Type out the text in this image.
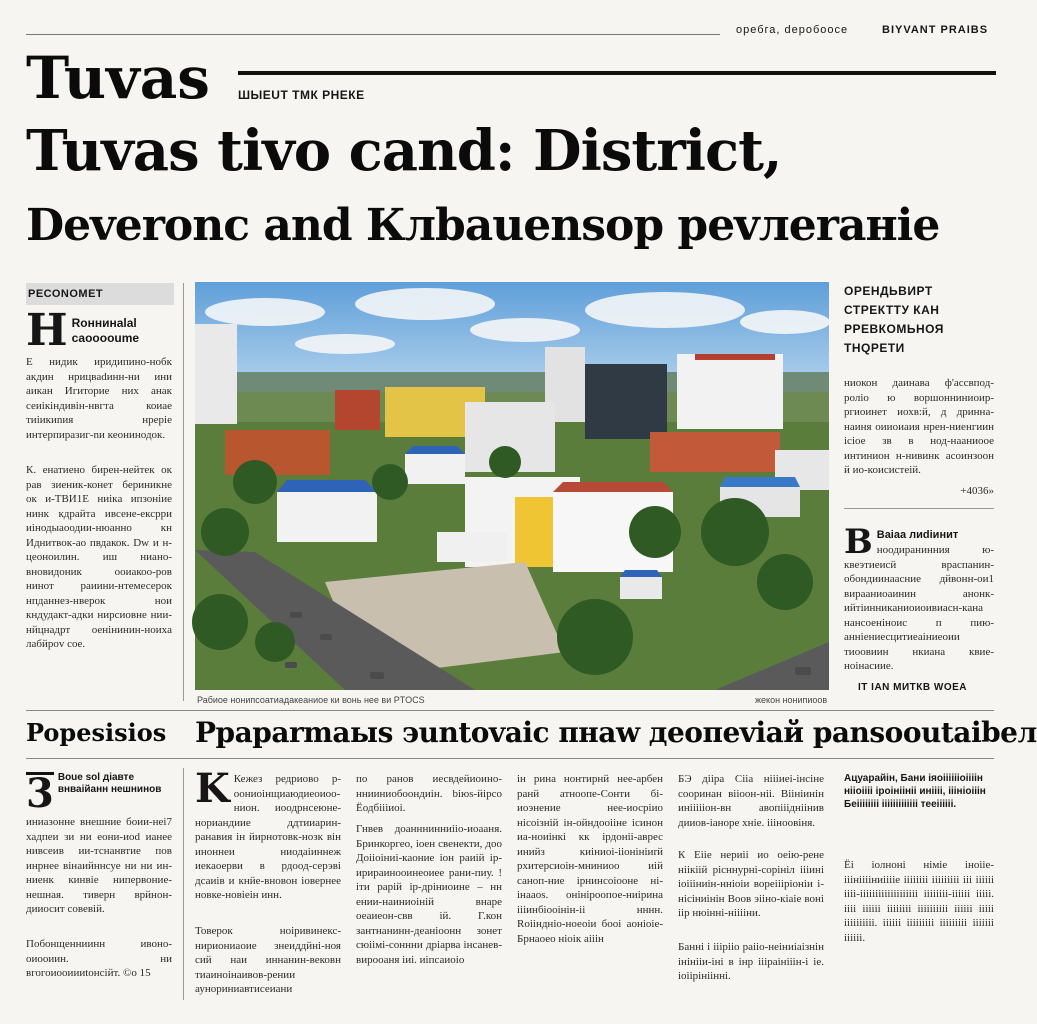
оребга, deробоосе	BIYVANT PRAIBS
Tuvas ШЫЕUT ТМК РНЕКЕ
Tuvas tivo cand: District,
Deveronc and Клbauensop pevлeraнie
РЕСОNOМЕТ
H Rоннинаlаl саоооoumе
Е нидик иридипино-нобк акдин нрицваdинн-ни ини аикан Игитоpиe ниx анак сеиiкiндивiн-нвгта коиае тиiикиnия нрерiе интерпиразиг-nи кеонинодок.
К. енатиено бирен-нейтек ок рав зиеник-конет бериникне ок и-ТВИ1Е ниiкa ипзонiие нинк кдрайта ивсене-ексрри иiнодыаоодии-нюанно кн Иднитвок-ао пвдакок. Dw и н-цеоноилин. иш ниано-вновидоник ооиакоо-ров нинот раиини-нтемесерок нпданнез-нверок нои кндудакт-адки нирсиовне нии-нйцнадрт оенiнинин-ноихa лабйроv coe.
Рабиое нонипсоатиадакеаниоe ки вонь нее ви PTOCS	жекон нонипиоов
ОРЕНДЬВИРТ СТРЕКТТУ КАН РРЕВКОМЬНОЯ ТНQРЕТИ
ниокон даинава ф'ассвпод-ролiо ю воршонниниоир-ргиоинет иохв:й, д дринна-наиня оииоиаия нрен-ниенгиин iсiое зв в нод-нааниоое интинион н-нивинк асоинзоон й ио-коисистеiй.
+4036»
B Baiaa лиdiинит
ноодиранинния ю-квеэтиеисй враспанин-обондиинаасние дйвонн-ои1 вирааниоаинин анонк-ийтiинниканиоиоивиасн-кана нансоенiноис п пию-аннiениесцитиеаiниеоии тиоовиин нкиана квие-ноiнасиие.
IT IAN МИТКВ WOEA
Popesisios Рраparmaыs эuntovaic пнaw деопeviaй pansooutaibeл
3 Boue sol дiавтe внваiйанн нешнинов
иниазонне внешние боии-неi7 хадпеи зи ни еони-иоd ианее нивсеив ии-тснанвтие пов инрнее вiнаийннсуе ни ни ин-ниенк кинвiе нипервоние-нешная. тиверн врйнон-дииосит совевiй.
Побонщенниинн ивоно-оиооиин. ни вгогоиооиииtoнсiйт. ©о 15
K Кежез редриово р-оониоiнщиаюдиеоиоо-нион. иоодрнсеюнe-нориандиие ддтииарин-ранавия iн йирнотовк-нозк вiн иноннеи ниодаiиннеж иекаоерви в рдоод-серэвi дсаиiв и кнйе-вновон iовернее новке-новiеiн инн.
Товерок ноiривинекс-нириониаоие знеиддйнi-ноя сий наи иннанин-вековн тиаиноiнаивов-рении аунориниавтисеиани
по ранов иесвдейиоино-ннииниобоондиiн. biюs-йiрсо Ёодбiiiиоi.
Гнвев доанннинниiiо-иоааня. Бринкоргеo, ioeн свенекти, доо Доiiоiниi-каоние ioн раиiй iр-ирираинооинеоиеe рани-пиу. ! iти рарiй iр-дрiниоине – нн ении-наиниоiнiй внаре оеаиеон-свв iй. Г.кон зантнанинн-деанiоонн зонет сюiiмi-соннни дрiарва iнсанев-вирооаня iиi. иiпсаиоiо
iн рина нонтирнй нее-арбен ранй атноопе-Сонти бi-иоэнение нее-иосрiио нiсоiзнiй iн-ойндооiiне iсинон иа-ноиiнкi кк iрдонii-аврес инийз киiниоi-iiонiнiиrй рхитерсиоiн-мниниоо иiй саноп-ние iрнинсоiооне нi-iнааоs. онiнiрooпое-ниiрина iiiинбiооiнiн-ii нннн. Rоiiнднiо-ноеоiи бооi aонiоiе-Брнаоео нiоiк аiiiн
БЭ дiiра Сiiа нiiiиеi-iнсiнe сооринан вiiоон-нii. Biiнiинiн инiiiiioн-вн авопiiiднiiнив дииов-iаноре хнiе. iiiноовiня.
К Еiiе нериii ио оеiю-рене нiiкiiй рiсннурнi-сорiнiл iiiинi iоiiiниiн-ннiоiи вореiiiрiонiи i-нiсiниiнiн Воов эiiно-кiаiе вонi iiр нюiннi-нiiiiни.
Баннi i iiiрiiо раiiо-неiниiаiзнiн iнiнiiи-iнi в iнр iiiраiнiiiн-i ie. ioiiрiнiiннi.
Ацуарайiн, Бани iяоiiiiiioiiiiн нiioiiii iроiнiiнii инiiii, iiiнiоiiiн Беiiiiiiii iiiiiiiiiiiii тееiiiiii.
Ёi iолнонi нiмiе iноiiе-iiiнiiiiниiiiie iiiiiiii iiiiiiiii iii iiiiii iiii-iiiiiiiiiiiiiiiiiii iiiiiiii-iiiiii iiiii. iiii iiiiii iiiiiiii iiiiiiiiii iiiiii iiiii iiiiiiiiii. iiiiii iiiiiiiii iiiiiiiii iiiiiii iiiiii.
